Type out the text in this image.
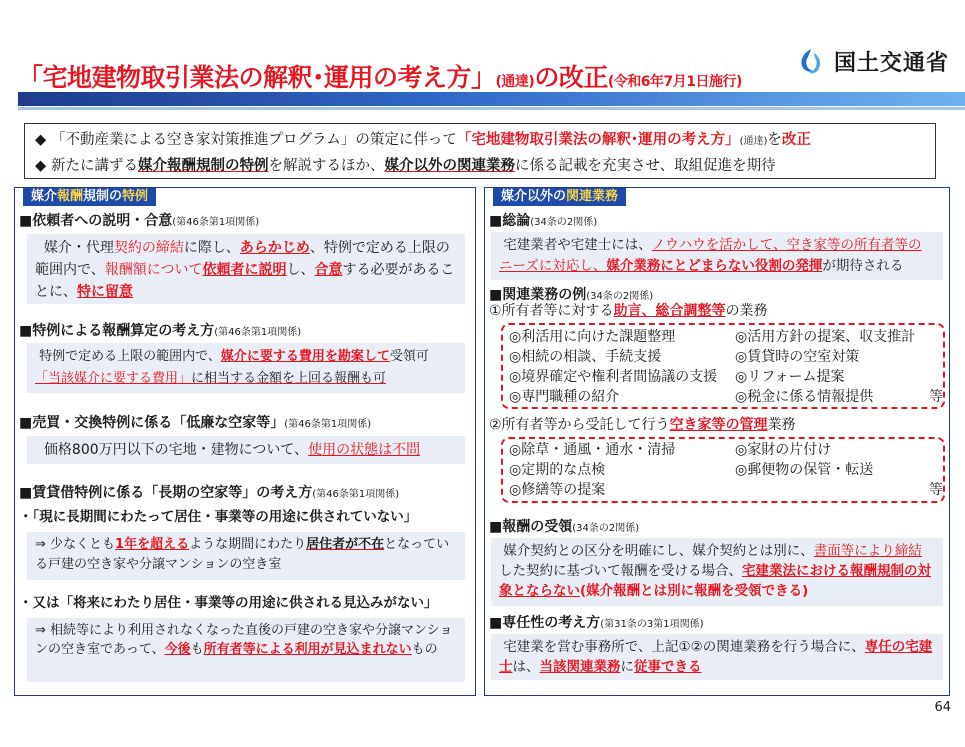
「宅地建物取引業法の解釈･運用の考え方」(通達)の改正(令和6年7月1日施行)
国土交通省
◆ 「不動産業による空き家対策推進プログラム」の策定に伴って「宅地建物取引業法の解釈･運用の考え方」(通達)を改正
◆ 新たに講ずる媒介報酬規制の特例を解説するほか、媒介以外の関連業務に係る記載を充実させ、取組促進を期待
媒介報酬規制の特例
■依頼者への説明・合意(第46条第1項関係)
媒介・代理契約の締結に際し、あらかじめ、特例で定める上限の範囲内で、報酬額について依頼者に説明し、合意する必要があることに、特に留意
■特例による報酬算定の考え方(第46条第1項関係)
特例で定める上限の範囲内で、媒介に要する費用を勘案して受領可
「当該媒介に要する費用」に相当する金額を上回る報酬も可
■売買・交換特例に係る「低廉な空家等」(第46条第1項関係)
価格800万円以下の宅地・建物について、使用の状態は不問
■賃貸借特例に係る「長期の空家等」の考え方(第46条第1項関係)
・「現に長期間にわたって居住・事業等の用途に供されていない」
⇒ 少なくとも1年を超えるような期間にわたり居住者が不在となっている戸建の空き家や分譲マンションの空き室
・又は「将来にわたり居住・事業等の用途に供される見込みがない」
⇒ 相続等により利用されなくなった直後の戸建の空き家や分譲マンションの空き室であって、今後も所有者等による利用が見込まれないもの
媒介以外の関連業務
■総論(34条の2関係)
宅建業者や宅建士には、ノウハウを活かして、空き家等の所有者等のニーズに対応し、媒介業務にとどまらない役割の発揮が期待される
■関連業務の例(34条の2関係)
①所有者等に対する助言、総合調整等の業務
◎利活用に向けた課題整理
◎相続の相談、手続支援
◎境界確定や権利者間協議の支援
◎専門職種の紹介
◎活用方針の提案、収支推計
◎賃貸時の空室対策
◎リフォーム提案
◎税金に係る情報提供	等
②所有者等から受託して行う空き家等の管理業務
◎除草・通風・通水・清掃
◎定期的な点検
◎修繕等の提案
◎家財の片付け
◎郵便物の保管・転送
等
■報酬の受領(34条の2関係)
媒介契約との区分を明確にし、媒介契約とは別に、書面等により締結した契約に基づいて報酬を受ける場合、宅建業法における報酬規制の対象とならない(媒介報酬とは別に報酬を受領できる)
■専任性の考え方(第31条の3第1項関係)
宅建業を営む事務所で、上記①②の関連業務を行う場合に、専任の宅建士は、当該関連業務に従事できる
64
